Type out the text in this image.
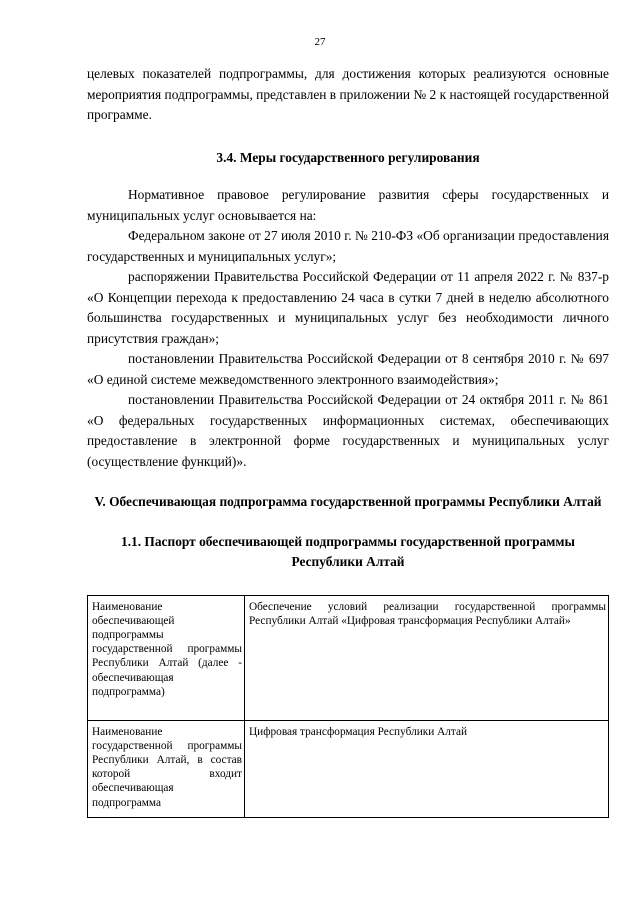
27

целевых показателей подпрограммы, для достижения которых реализуются основные мероприятия подпрограммы, представлен в приложении № 2 к настоящей государственной программе.

3.4. Меры государственного регулирования

Нормативное правовое регулирование развития сферы государственных и муниципальных услуг основывается на:

Федеральном законе от 27 июля 2010 г. № 210-ФЗ «Об организации предоставления государственных и муниципальных услуг»;

распоряжении Правительства Российской Федерации от 11 апреля 2022 г. № 837-р «О Концепции перехода к предоставлению 24 часа в сутки 7 дней в неделю абсолютного большинства государственных и муниципальных услуг без необходимости личного присутствия граждан»;

постановлении Правительства Российской Федерации от 8 сентября 2010 г. № 697 «О единой системе межведомственного электронного взаимодействия»;

постановлении Правительства Российской Федерации от 24 октября 2011 г. № 861 «О федеральных государственных информационных системах, обеспечивающих предоставление в электронной форме государственных и муниципальных услуг (осуществление функций)».

V. Обеспечивающая подпрограмма государственной программы Республики Алтай

1.1. Паспорт обеспечивающей подпрограммы государственной программы Республики Алтай

Наименование обеспечивающей подпрограммы государственной программы Республики Алтай (далее - обеспечивающая подпрограмма)	Обеспечение условий реализации государственной программы Республики Алтай «Цифровая трансформация Республики Алтай»
Наименование государственной программы Республики Алтай, в состав которой входит обеспечивающая подпрограмма	Цифровая трансформация Республики Алтай
